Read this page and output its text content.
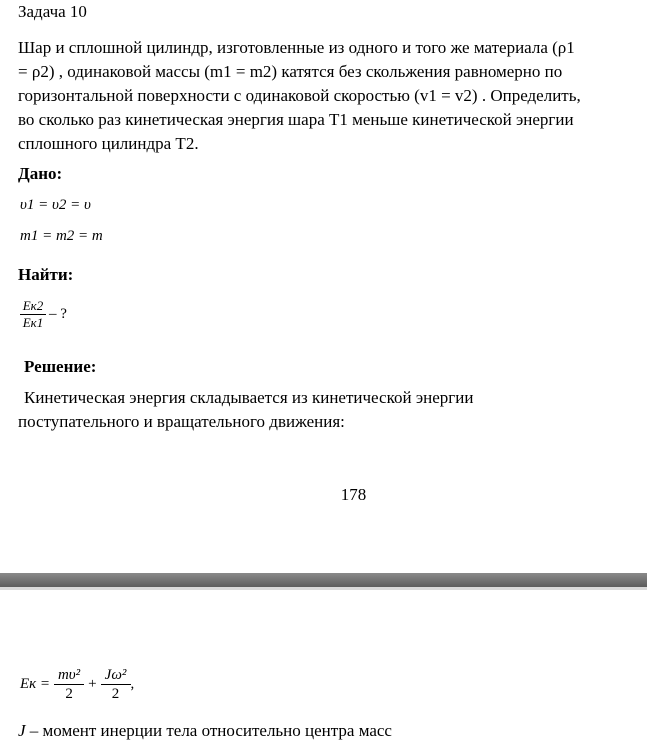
Задача 10
Шар и сплошной цилиндр, изготовленные из одного и того же материала (ρ1
= ρ2) , одинаковой массы (m1 = m2) катятся без скольжения равномерно по
горизонтальной поверхности с одинаковой скоростью (v1 = v2) . Определить,
во сколько раз кинетическая энергия шара T1 меньше кинетической энергии
сплошного цилиндра T2.
Дано:
υ1 = υ2 = υ
m1 = m2 = m
Найти:
Eк2
Eк1
– ?
Решение:
Кинетическая энергия складывается из кинетической энергии
поступательного и вращательного движения:
178
Eк =
mυ²
2
+
Jω²
2
,
J – момент инерции тела относительно центра масс
